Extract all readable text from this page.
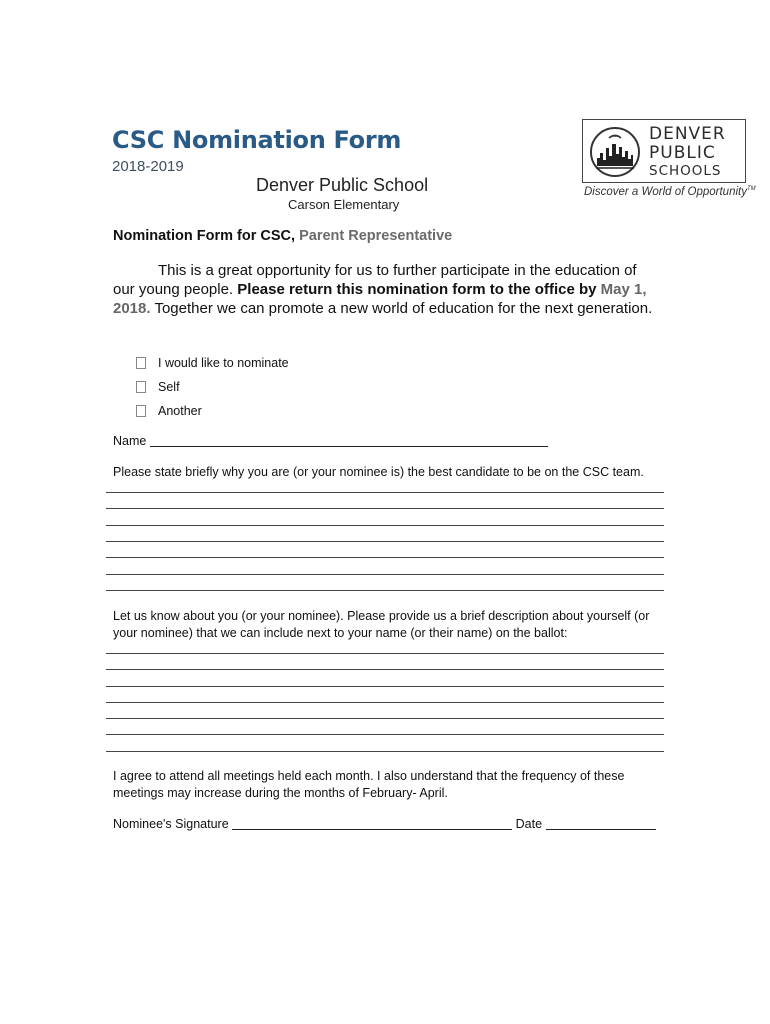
CSC Nomination Form
2018-2019
Denver Public School
Carson Elementary
DENVER
PUBLIC
SCHOOLS
Discover a World of Opportunity™
Nomination Form for CSC, Parent Representative
This is a great opportunity for us to further participate in the education of our young people. Please return this nomination form to the office by May 1, 2018. Together we can promote a new world of education for the next generation.
I would like to nominate
Self
Another
Name
Please state briefly why you are (or your nominee is) the best candidate to be on the CSC team.
Let us know about you (or your nominee). Please provide us a brief description about yourself (or your nominee) that we can include next to your name (or their name) on the ballot:
I agree to attend all meetings held each month. I also understand that the frequency of these meetings may increase during the months of February- April.
Nominee's Signature	Date
